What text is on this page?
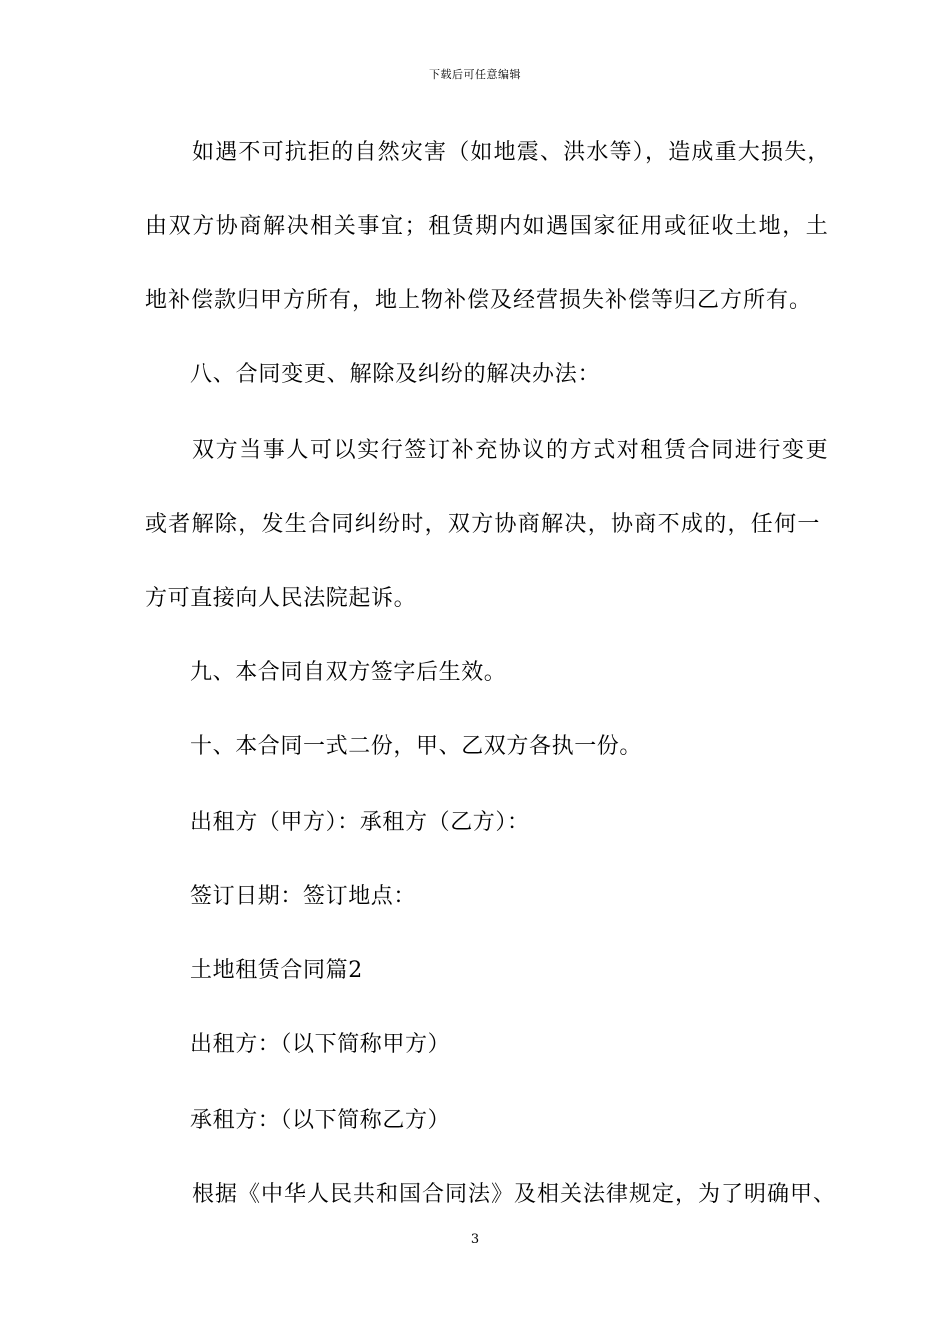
下载后可任意编辑
如遇不可抗拒的自然灾害（如地震、洪水等），造成重大损失，
由双方协商解决相关事宜；租赁期内如遇国家征用或征收土地，土
地补偿款归甲方所有，地上物补偿及经营损失补偿等归乙方所有。
八、合同变更、解除及纠纷的解决办法：
双方当事人可以实行签订补充协议的方式对租赁合同进行变更
或者解除，发生合同纠纷时，双方协商解决，协商不成的，任何一
方可直接向人民法院起诉。
九、本合同自双方签字后生效。
十、本合同一式二份，甲、乙双方各执一份。
出租方（甲方）：承租方（乙方）：
签订日期：签订地点：
土地租赁合同篇2
出租方：（以下简称甲方）
承租方：（以下简称乙方）
根据《中华人民共和国合同法》及相关法律规定，为了明确甲、
3
